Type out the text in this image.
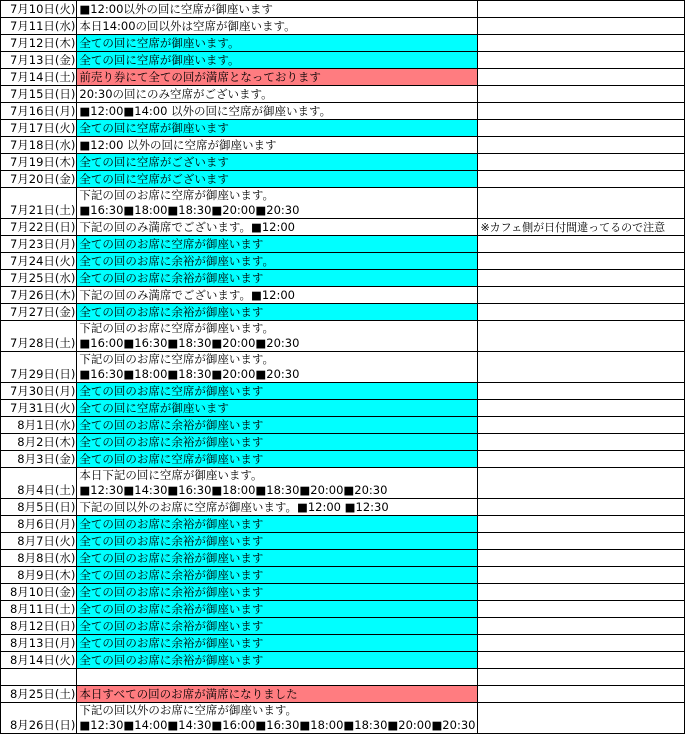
7月10日(火)	■12:00以外の回に空席が御座います	

7月11日(水)	本日14:00の回以外は空席が御座います。	

7月12日(木)	全ての回に空席が御座います。	

7月13日(金)	全ての回に空席が御座います。	

7月14日(土)	前売り券にて全ての回が満席となっております	

7月15日(日)	20:30の回にのみ空席がございます。	

7月16日(月)	■12:00■14:00 以外の回に空席が御座います。	

7月17日(火)	全ての回に空席が御座います	

7月18日(水)	■12:00 以外の回に空席が御座います	

7月19日(木)	全ての回に空席がございます	

7月20日(金)	全ての回に空席がございます	

7月21日(土)	下記の回のお席に空席が御座います。
■16:30■18:00■18:30■20:00■20:30	

7月22日(日)	下記の回のみ満席でございます。■12:00	※カフェ側が日付間違ってるので注意
7月23日(月)	全ての回のお席に空席が御座います	

7月24日(火)	全ての回のお席に余裕が御座います。	

7月25日(水)	全ての回のお席に余裕が御座います	

7月26日(木)	下記の回のみ満席でございます。■12:00	

7月27日(金)	全ての回のお席に余裕が御座います	

7月28日(土)	下記の回のお席に空席が御座います。
■16:00■16:30■18:30■20:00■20:30	

7月29日(日)	下記の回のお席に空席が御座います。
■16:30■18:00■18:30■20:00■20:30	

7月30日(月)	全ての回のお席に空席が御座います	

7月31日(火)	全ての回に空席が御座います	

8月1日(水)	全ての回のお席に余裕が御座います	

8月2日(木)	全ての回のお席に余裕が御座います	

8月3日(金)	全ての回のお席に空席が御座います	

8月4日(土)	本日下記の回に空席が御座います。
■12:30■14:30■16:30■18:00■18:30■20:00■20:30	

8月5日(日)	下記の回以外のお席に空席が御座います。■12:00 ■12:30	

8月6日(月)	全ての回のお席に余裕が御座います	

8月7日(火)	全ての回のお席に余裕が御座います	

8月8日(水)	全ての回のお席に余裕が御座います	

8月9日(木)	全ての回のお席に余裕が御座います	

8月10日(金)	全ての回のお席に余裕が御座います	

8月11日(土)	全ての回のお席に余裕が御座います	

8月12日(日)	全ての回のお席に余裕が御座います	

8月13日(月)	全ての回のお席に余裕が御座います	

8月14日(火)	全ての回のお席に余裕が御座います	

8月25日(土)	本日すべての回のお席が満席になりました	

8月26日(日)	下記の回以外のお席に空席が御座います。
■12:30■14:00■14:30■16:00■16:30■18:00■18:30■20:00■20:30	
